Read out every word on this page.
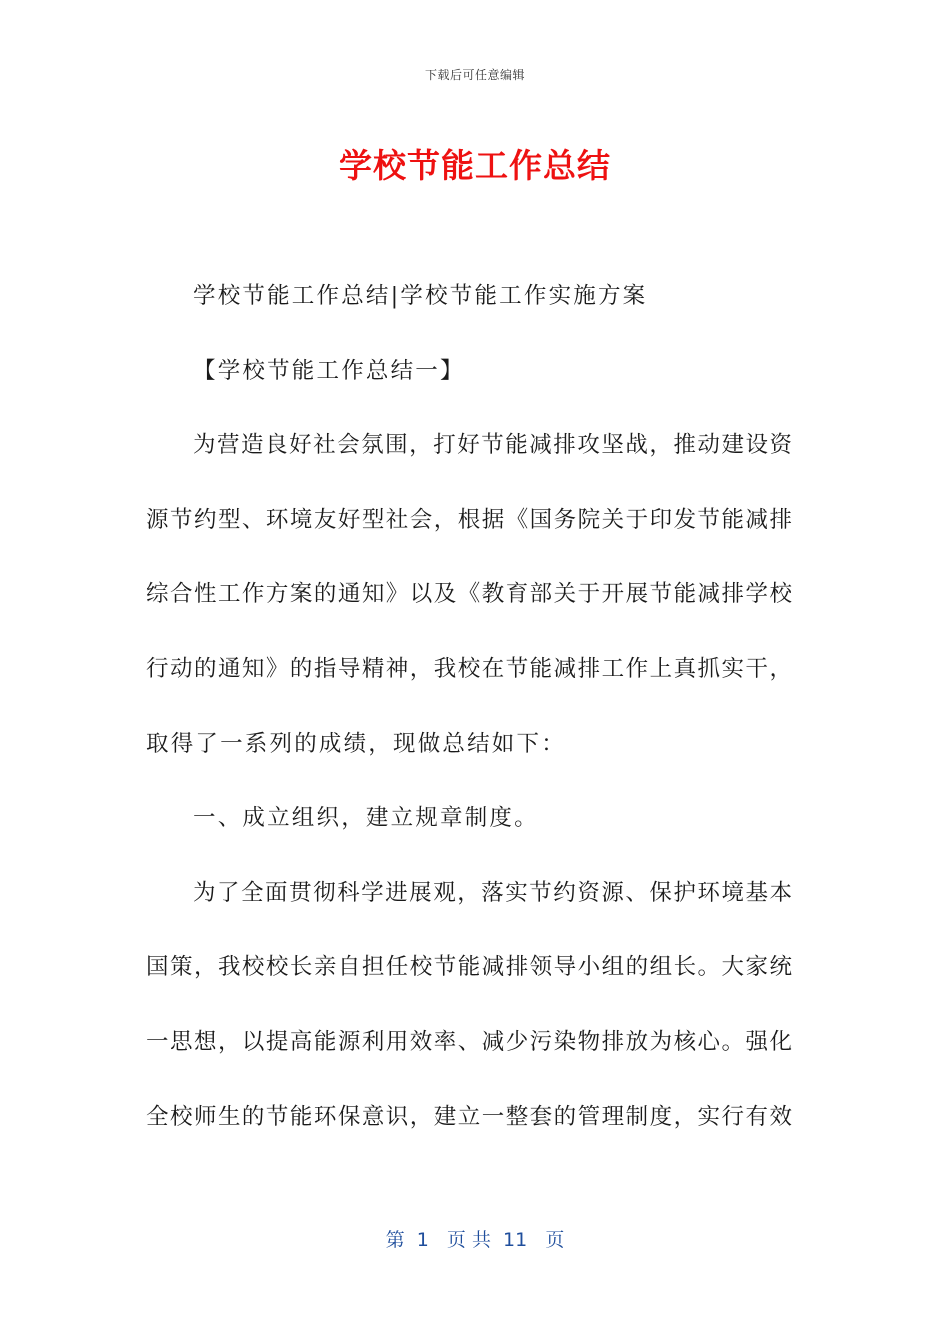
下载后可任意编辑
学校节能工作总结
学校节能工作总结|学校节能工作实施方案
【学校节能工作总结一】
为营造良好社会氛围，打好节能减排攻坚战，推动建设资
源节约型、环境友好型社会，根据《国务院关于印发节能减排
综合性工作方案的通知》以及《教育部关于开展节能减排学校
行动的通知》的指导精神，我校在节能减排工作上真抓实干，
取得了一系列的成绩，现做总结如下：
一、成立组织，建立规章制度。
为了全面贯彻科学进展观，落实节约资源、保护环境基本
国策，我校校长亲自担任校节能减排领导小组的组长。大家统
一思想，以提高能源利用效率、减少污染物排放为核心。强化
全校师生的节能环保意识，建立一整套的管理制度，实行有效
第  1   页 共  11   页
